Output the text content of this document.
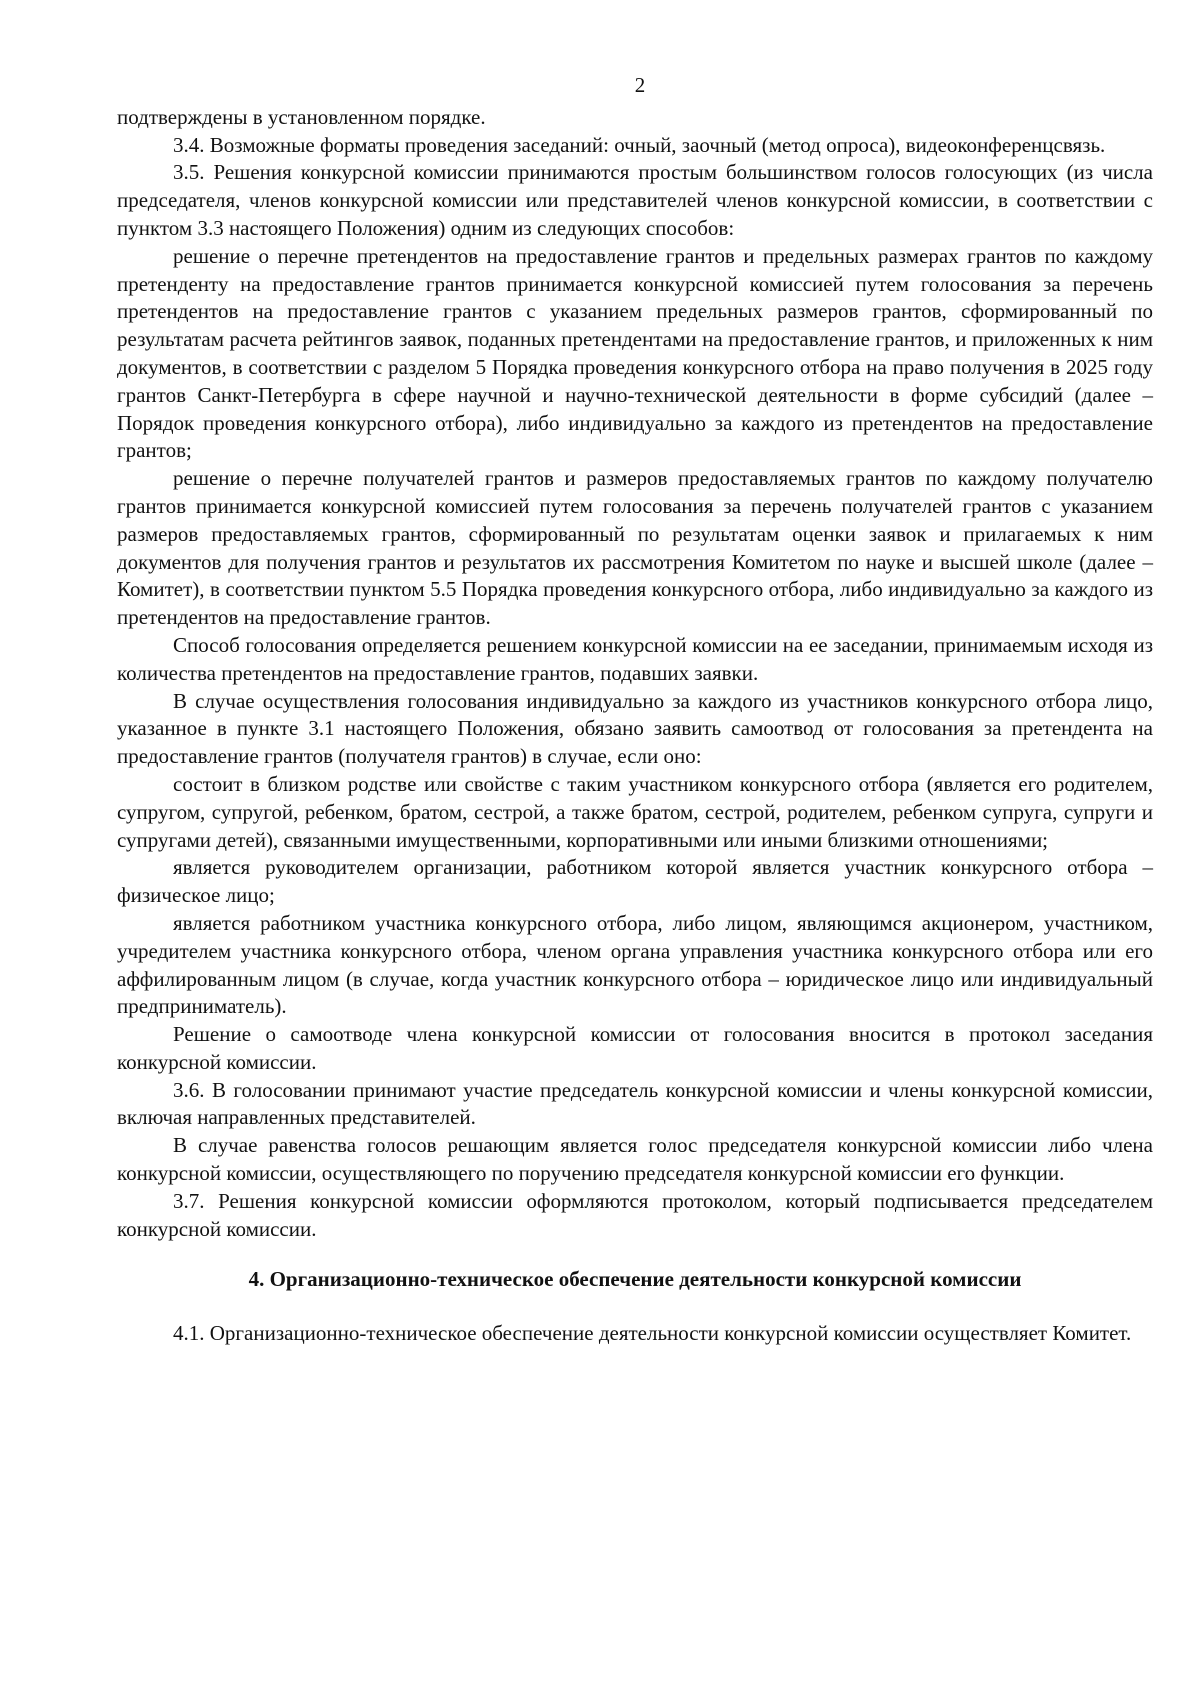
2

подтверждены в установленном порядке.

3.4. Возможные форматы проведения заседаний: очный, заочный (метод опроса), видеоконференцсвязь.

3.5. Решения конкурсной комиссии принимаются простым большинством голосов голосующих (из числа председателя, членов конкурсной комиссии или представителей членов конкурсной комиссии, в соответствии с пунктом 3.3 настоящего Положения) одним из следующих способов:

решение о перечне претендентов на предоставление грантов и предельных размерах грантов по каждому претенденту на предоставление грантов принимается конкурсной комиссией путем голосования за перечень претендентов на предоставление грантов с указанием предельных размеров грантов, сформированный по результатам расчета рейтингов заявок, поданных претендентами на предоставление грантов, и приложенных к ним документов, в соответствии с разделом 5 Порядка проведения конкурсного отбора на право получения в 2025 году грантов Санкт-Петербурга в сфере научной и научно-технической деятельности в форме субсидий (далее – Порядок проведения конкурсного отбора), либо индивидуально за каждого из претендентов на предоставление грантов;

решение о перечне получателей грантов и размеров предоставляемых грантов по каждому получателю грантов принимается конкурсной комиссией путем голосования за перечень получателей грантов с указанием размеров предоставляемых грантов, сформированный по результатам оценки заявок и прилагаемых к ним документов для получения грантов и результатов их рассмотрения Комитетом по науке и высшей школе (далее – Комитет), в соответствии пунктом 5.5 Порядка проведения конкурсного отбора, либо индивидуально за каждого из претендентов на предоставление грантов.

Способ голосования определяется решением конкурсной комиссии на ее заседании, принимаемым исходя из количества претендентов на предоставление грантов, подавших заявки.

В случае осуществления голосования индивидуально за каждого из участников конкурсного отбора лицо, указанное в пункте 3.1 настоящего Положения, обязано заявить самоотвод от голосования за претендента на предоставление грантов (получателя грантов) в случае, если оно:

состоит в близком родстве или свойстве с таким участником конкурсного отбора (является его родителем, супругом, супругой, ребенком, братом, сестрой, а также братом, сестрой, родителем, ребенком супруга, супруги и супругами детей), связанными имущественными, корпоративными или иными близкими отношениями;

является руководителем организации, работником которой является участник конкурсного отбора – физическое лицо;

является работником участника конкурсного отбора, либо лицом, являющимся акционером, участником, учредителем участника конкурсного отбора, членом органа управления участника конкурсного отбора или его аффилированным лицом (в случае, когда участник конкурсного отбора – юридическое лицо или индивидуальный предприниматель).

Решение о самоотводе члена конкурсной комиссии от голосования вносится в протокол заседания конкурсной комиссии.

3.6. В голосовании принимают участие председатель конкурсной комиссии и члены конкурсной комиссии, включая направленных представителей.

В случае равенства голосов решающим является голос председателя конкурсной комиссии либо члена конкурсной комиссии, осуществляющего по поручению председателя конкурсной комиссии его функции.

3.7. Решения конкурсной комиссии оформляются протоколом, который подписывается председателем конкурсной комиссии.

4. Организационно-техническое обеспечение деятельности конкурсной комиссии

4.1. Организационно-техническое обеспечение деятельности конкурсной комиссии осуществляет Комитет.
